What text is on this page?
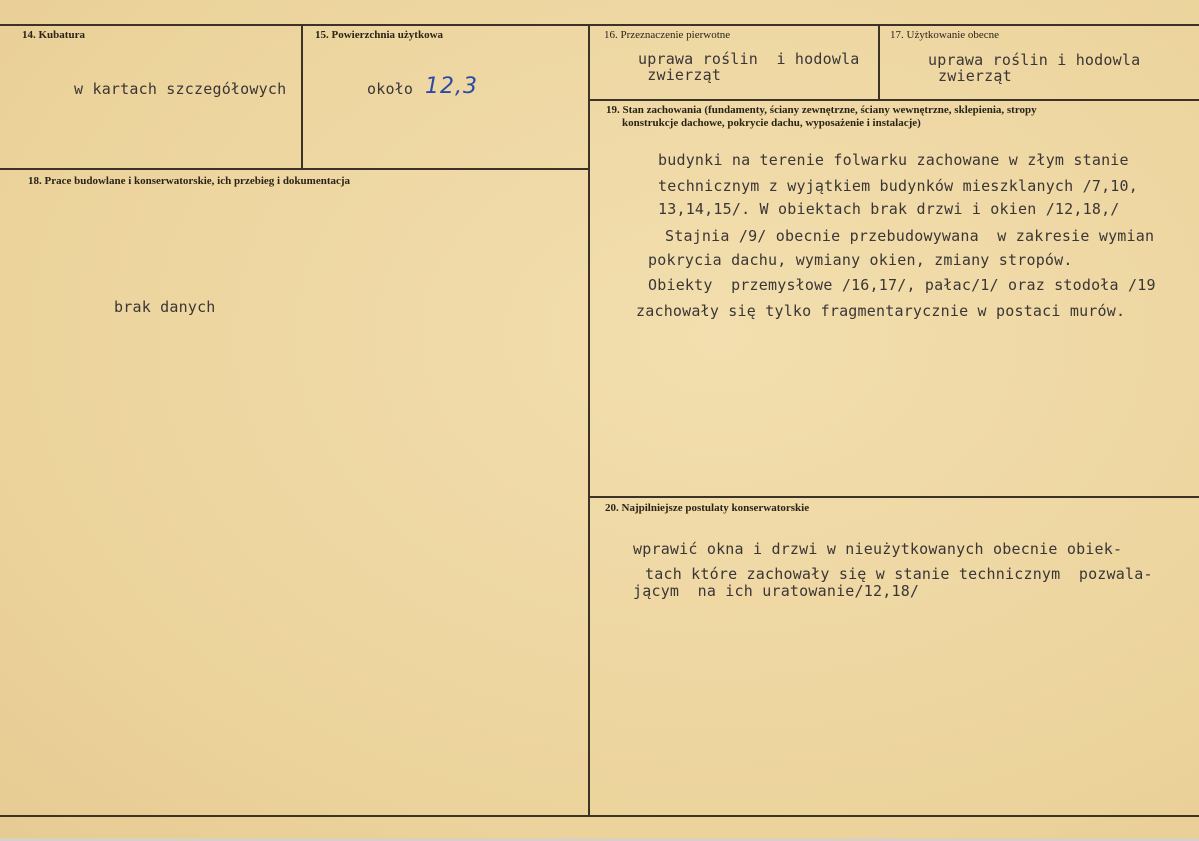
14. Kubatura
w kartach szczegółowych
15. Powierzchnia użytkowa
około 12,3
16. Przeznaczenie pierwotne
uprawa roślin  i hodowla
zwierząt
17. Użytkowanie obecne
uprawa roślin i hodowla
zwierząt
18. Prace budowlane i konserwatorskie, ich przebieg i dokumentacja
brak danych
19. Stan zachowania (fundamenty, ściany zewnętrzne, ściany wewnętrzne, sklepienia, stropy
konstrukcje dachowe, pokrycie dachu, wyposażenie i instalacje)
budynki na terenie folwarku zachowane w złym stanie
technicznym z wyjątkiem budynków mieszklanych /7,10,
13,14,15/. W obiektach brak drzwi i okien /12,18,/
Stajnia /9/ obecnie przebudowywana  w zakresie wymian
pokrycia dachu, wymiany okien, zmiany stropów.
Obiekty  przemysłowe /16,17/, pałac/1/ oraz stodoła /19
zachowały się tylko fragmentarycznie w postaci murów.
20. Najpilniejsze postulaty konserwatorskie
wprawić okna i drzwi w nieużytkowanych obecnie obiek-
tach które zachowały się w stanie technicznym  pozwala-
jącym  na ich uratowanie/12,18/
